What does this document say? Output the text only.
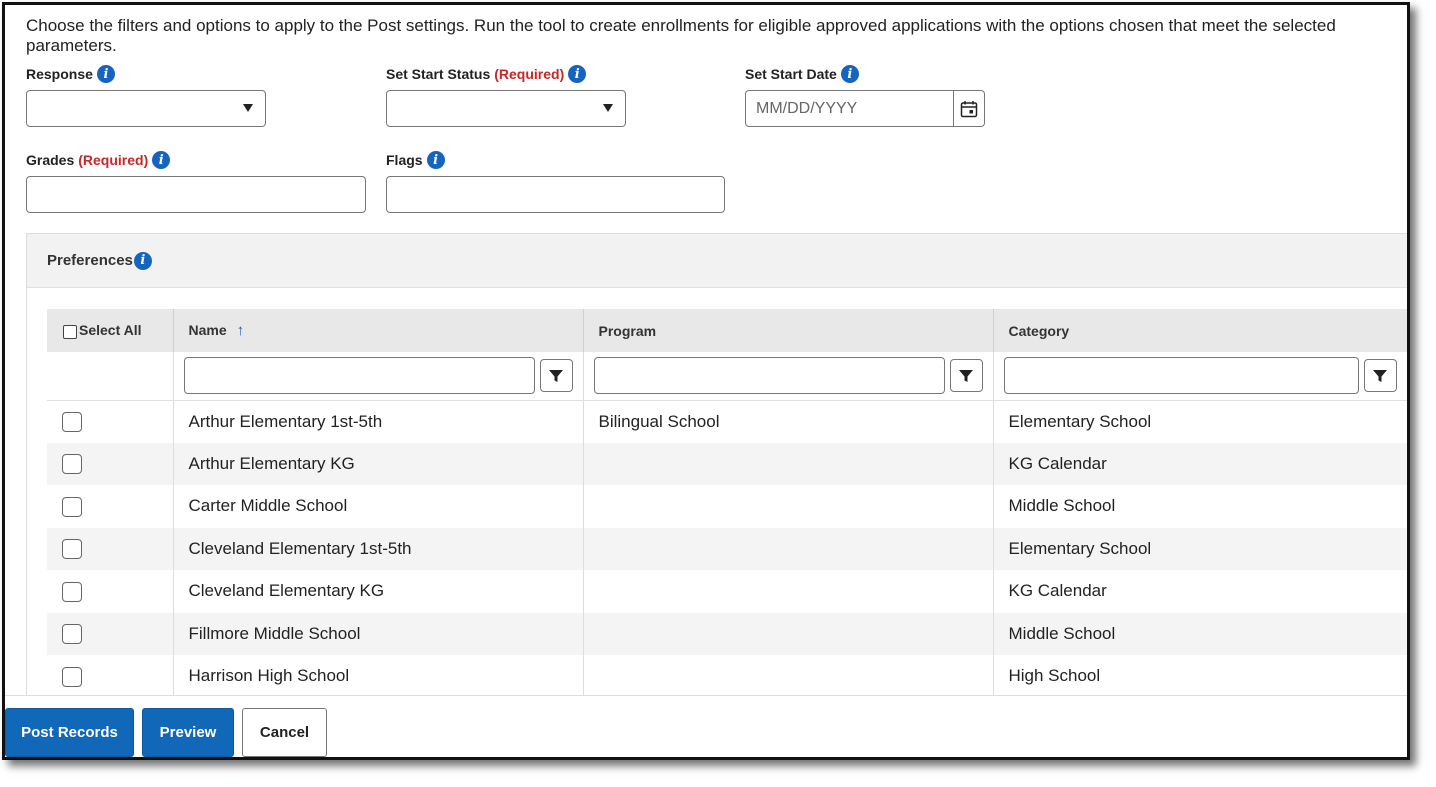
Choose the filters and options to apply to the Post settings. Run the tool to create enrollments for eligible approved applications with the options chosen that meet the selected parameters.
Response i	Set Start Status (Required) i	Set Start Date i
MM/DD/YYYY
Grades (Required) i	Flags i
Preferences i
Select All	Name ↑	Program	Category

	Arthur Elementary 1st-5th	Bilingual School	Elementary School
	Arthur Elementary KG		KG Calendar
	Carter Middle School		Middle School
	Cleveland Elementary 1st-5th		Elementary School
	Cleveland Elementary KG		KG Calendar
	Fillmore Middle School		Middle School
	Harrison High School		High School
Post Records	Preview	Cancel
